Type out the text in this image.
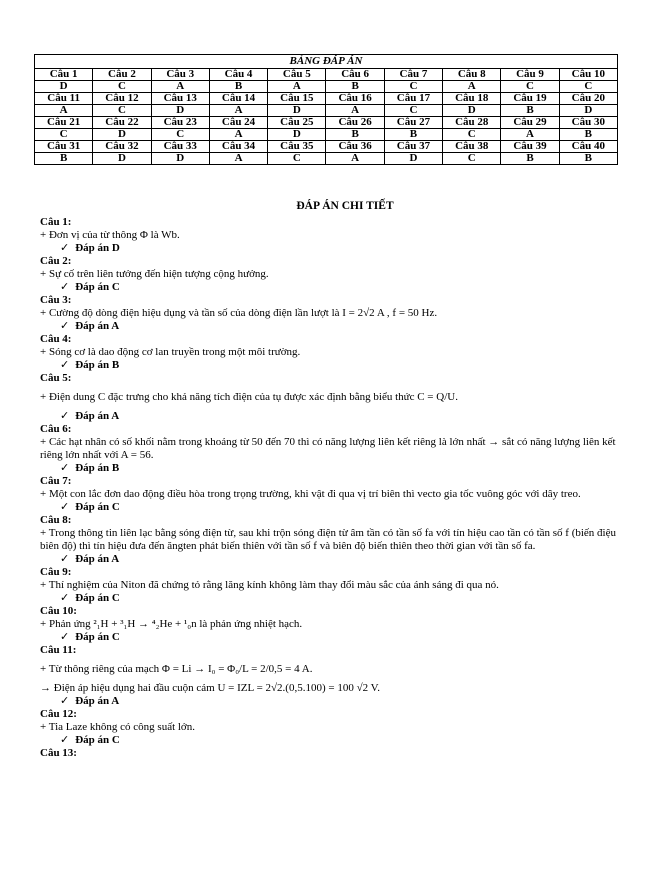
BẢNG ĐÁP ÁN									
Câu 1	Câu 2	Câu 3	Câu 4	Câu 5	Câu 6	Câu 7	Câu 8	Câu 9	Câu 10
D	C	A	B	A	B	C	A	C	C
Câu 11	Câu 12	Câu 13	Câu 14	Câu 15	Câu 16	Câu 17	Câu 18	Câu 19	Câu 20
A	C	D	A	D	A	C	D	B	D
Câu 21	Câu 22	Câu 23	Câu 24	Câu 25	Câu 26	Câu 27	Câu 28	Câu 29	Câu 30
C	D	C	A	D	B	B	C	A	B
Câu 31	Câu 32	Câu 33	Câu 34	Câu 35	Câu 36	Câu 37	Câu 38	Câu 39	Câu 40
B	D	D	A	C	A	D	C	B	B
ĐÁP ÁN CHI TIẾT
Câu 1:
+ Đơn vị của từ thông Φ là Wb.
✓ Đáp án D
Câu 2:
+ Sự cố trên liên tưởng đến hiện tượng cộng hưởng.
✓ Đáp án C
Câu 3:
+ Cường độ dòng điện hiệu dụng và tần số của dòng điện lần lượt là I = 2√2 A , f = 50 Hz.
✓ Đáp án A
Câu 4:
+ Sóng cơ là dao động cơ lan truyền trong một môi trường.
✓ Đáp án B
Câu 5:
+ Điện dung C đặc trưng cho khả năng tích điện của tụ được xác định bằng biểu thức C = Q/U.
✓ Đáp án A
Câu 6:
+ Các hạt nhân có số khối nằm trong khoảng từ 50 đến 70 thì có năng lượng liên kết riêng là lớn nhất → sắt có năng lượng liên kết riêng lớn nhất với A = 56.
✓ Đáp án B
Câu 7:
+ Một con lắc đơn dao động điều hòa trong trọng trường, khi vật đi qua vị trí biên thì vecto gia tốc vuông góc với dây treo.
✓ Đáp án C
Câu 8:
+ Trong thông tin liên lạc bằng sóng điện từ, sau khi trộn sóng điện từ âm tần có tần số fa với tín hiệu cao tần có tần số f (biến điệu biên độ) thì tín hiệu đưa đến ăngten phát biến thiên với tần số f và biên độ biến thiên theo thời gian với tần số fa.
✓ Đáp án A
Câu 9:
+ Thí nghiệm của Niton đã chứng tỏ rằng lăng kính không làm thay đổi màu sắc của ánh sáng đi qua nó.
✓ Đáp án C
Câu 10:
+ Phản ứng ²₁H + ³₁H → ⁴₂He + ¹₀n là phản ứng nhiệt hạch.
✓ Đáp án C
Câu 11:
+ Từ thông riêng của mạch Φ = Li → I₀ = Φ₀/L = 2/0,5 = 4 A.
→ Điện áp hiệu dụng hai đầu cuộn cảm U = IZL = 2√2.(0,5.100) = 100 √2 V.
✓ Đáp án A
Câu 12:
+ Tia Laze không có công suất lớn.
✓ Đáp án C
Câu 13:
